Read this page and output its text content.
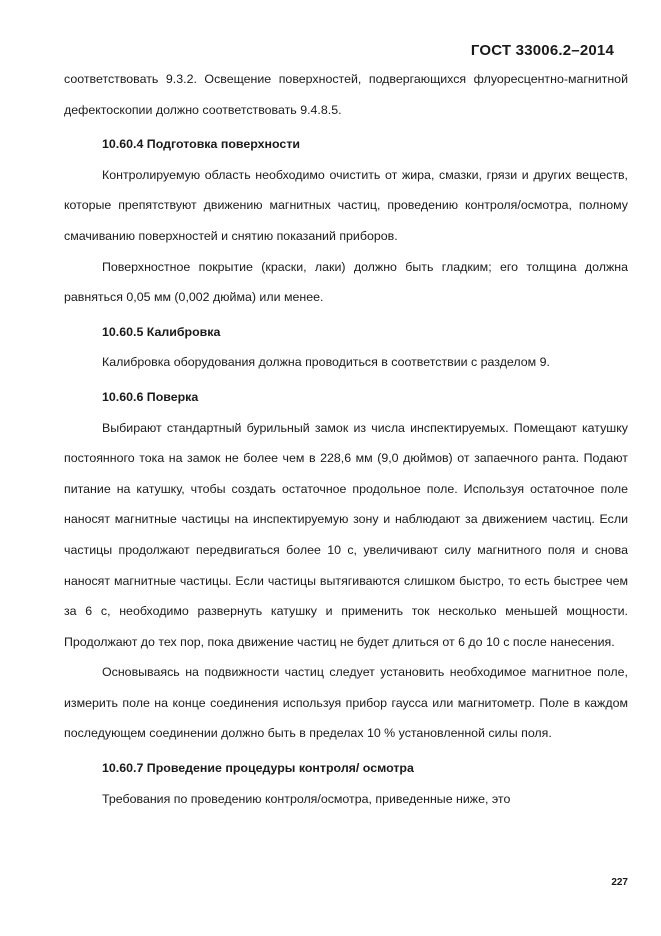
ГОСТ 33006.2–2014

соответствовать 9.3.2. Освещение поверхностей, подвергающихся флуоресцентно-магнитной дефектоскопии должно соответствовать 9.4.8.5.

10.60.4 Подготовка поверхности

Контролируемую область необходимо очистить от жира, смазки, грязи и других веществ, которые препятствуют движению магнитных частиц, проведению контроля/осмотра, полному смачиванию поверхностей и снятию показаний приборов.

Поверхностное покрытие (краски, лаки) должно быть гладким; его толщина должна равняться 0,05 мм (0,002 дюйма) или менее.

10.60.5 Калибровка

Калибровка оборудования должна проводиться в соответствии с разделом 9.

10.60.6 Поверка

Выбирают стандартный бурильный замок из числа инспектируемых. Помещают катушку постоянного тока на замок не более чем в 228,6 мм (9,0 дюймов) от запаечного ранта. Подают питание на катушку, чтобы создать остаточное продольное поле. Используя остаточное поле наносят магнитные частицы на инспектируемую зону и наблюдают за движением частиц. Если частицы продолжают передвигаться более 10 с, увеличивают силу магнитного поля и снова наносят магнитные частицы. Если частицы вытягиваются слишком быстро, то есть быстрее чем за 6 с, необходимо развернуть катушку и применить ток несколько меньшей мощности. Продолжают до тех пор, пока движение частиц не будет длиться от 6 до 10 с после нанесения.

Основываясь на подвижности частиц следует установить необходимое магнитное поле, измерить поле на конце соединения используя прибор гаусса или магнитометр. Поле в каждом последующем соединении должно быть в пределах 10 % установленной силы поля.

10.60.7 Проведение процедуры контроля/ осмотра

Требования по проведению контроля/осмотра, приведенные ниже, это

227
